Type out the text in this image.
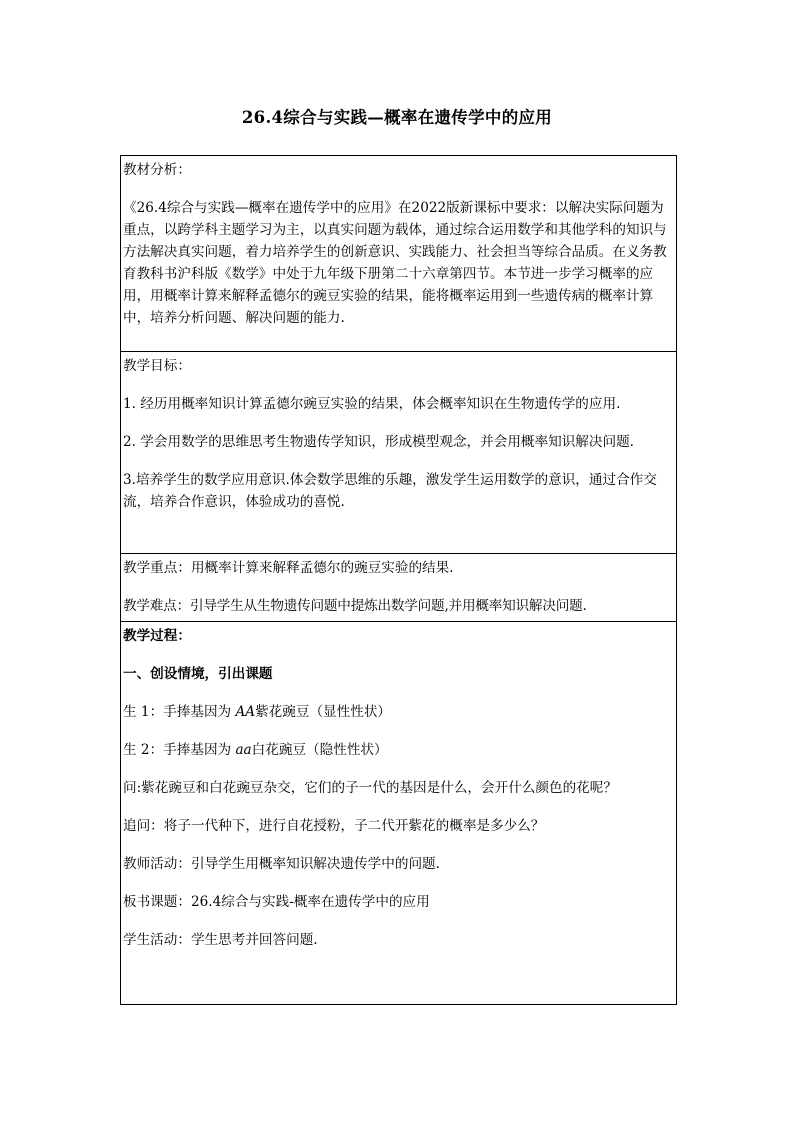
26.4综合与实践—概率在遗传学中的应用

教材分析：

《26.4综合与实践—概率在遗传学中的应用》在2022版新课标中要求：以解决实际问题为重点，以跨学科主题学习为主，以真实问题为载体，通过综合运用数学和其他学科的知识与方法解决真实问题，着力培养学生的创新意识、实践能力、社会担当等综合品质。在义务教育教科书沪科版《数学》中处于九年级下册第二十六章第四节。本节进一步学习概率的应用，用概率计算来解释孟德尔的豌豆实验的结果，能将概率运用到一些遗传病的概率计算中，培养分析问题、解决问题的能力.

教学目标：

1. 经历用概率知识计算孟德尔豌豆实验的结果，体会概率知识在生物遗传学的应用.

2. 学会用数学的思维思考生物遗传学知识，形成模型观念，并会用概率知识解决问题.

3.培养学生的数学应用意识.体会数学思维的乐趣，激发学生运用数学的意识，通过合作交流，培养合作意识，体验成功的喜悦.

教学重点：用概率计算来解释孟德尔的豌豆实验的结果.

教学难点：引导学生从生物遗传问题中提炼出数学问题,并用概率知识解决问题.

教学过程：

一、创设情境，引出课题

生 1：手捧基因为 AA紫花豌豆（显性性状）

生 2：手捧基因为 aa白花豌豆（隐性性状）

问:紫花豌豆和白花豌豆杂交，它们的子一代的基因是什么，会开什么颜色的花呢？

追问：将子一代种下，进行自花授粉，子二代开紫花的概率是多少么？

教师活动：引导学生用概率知识解决遗传学中的问题.

板书课题：26.4综合与实践-概率在遗传学中的应用

学生活动：学生思考并回答问题.
